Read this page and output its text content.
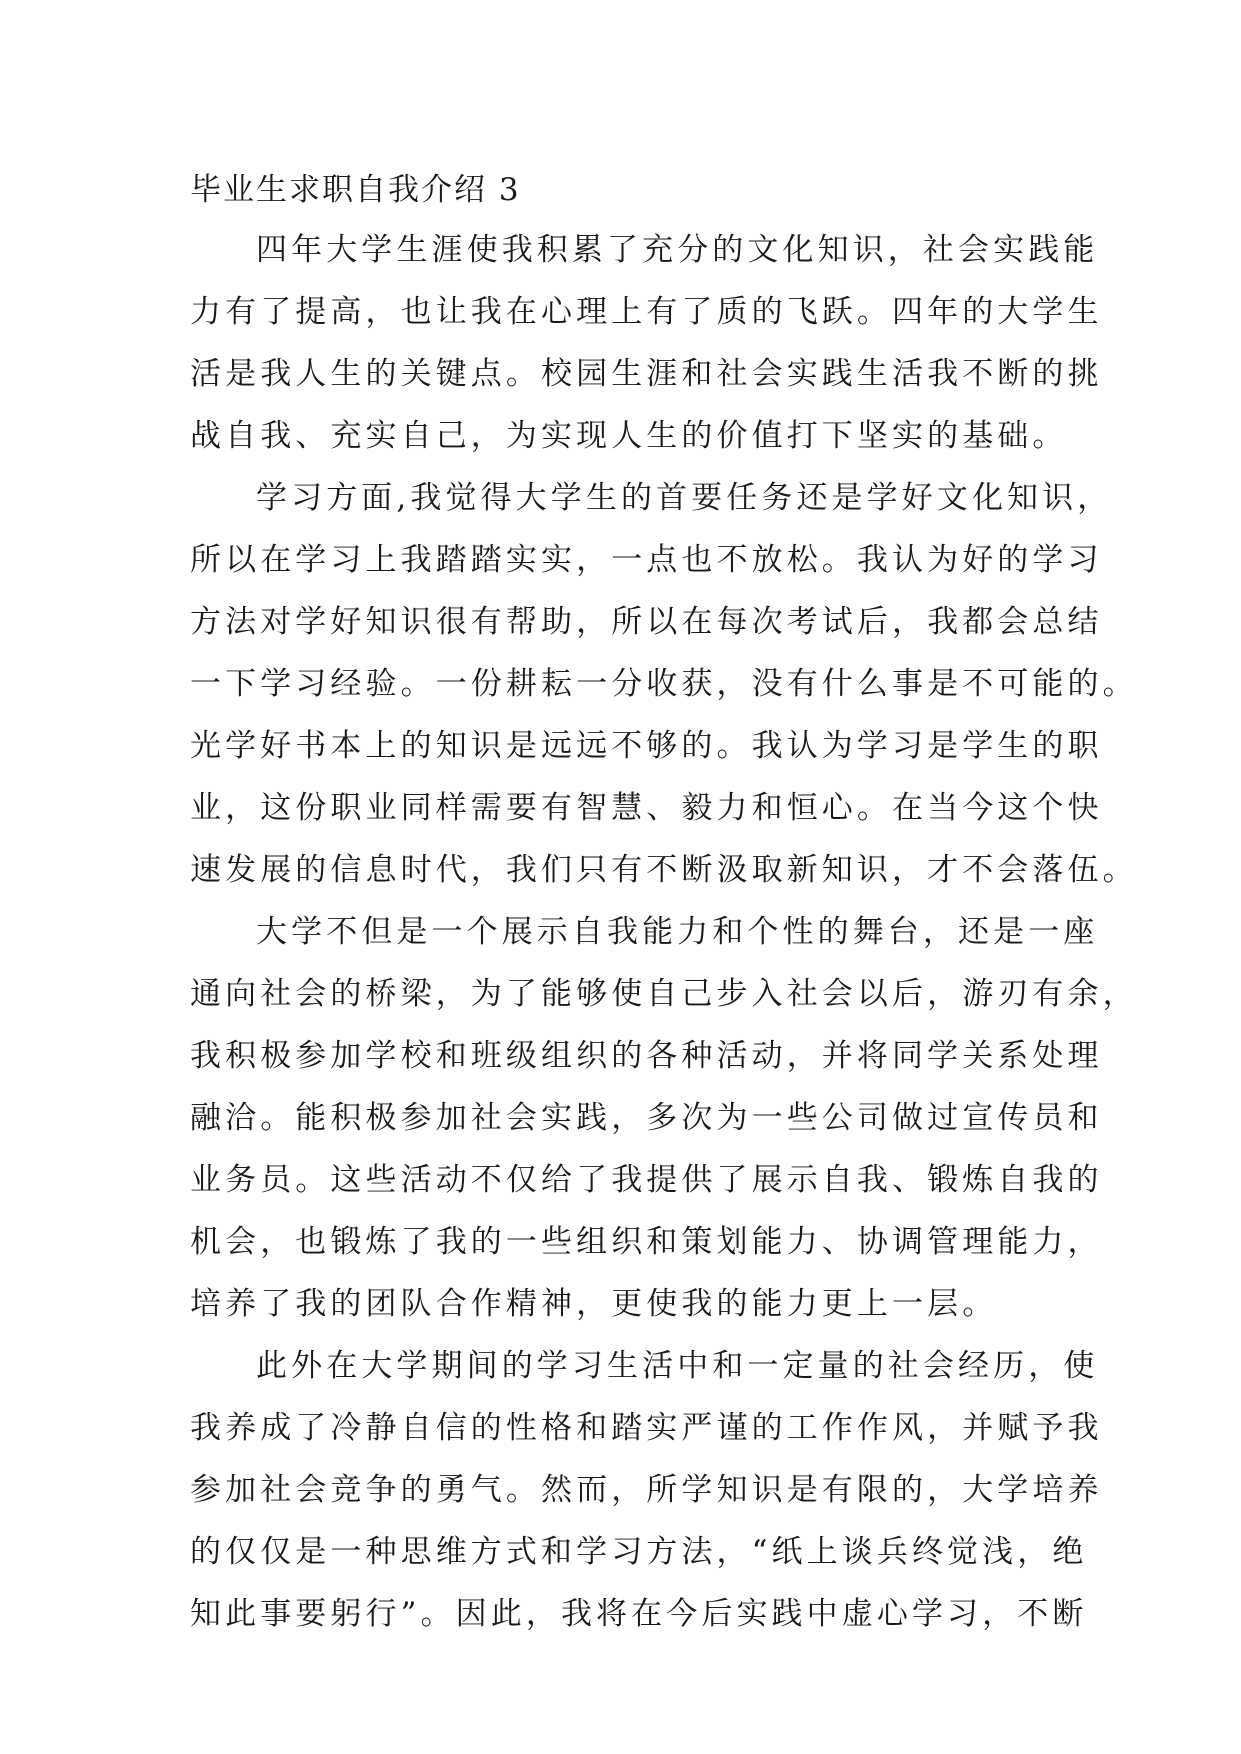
毕业生求职自我介绍 3
四年大学生涯使我积累了充分的文化知识，社会实践能
力有了提高，也让我在心理上有了质的飞跃。四年的大学生
活是我人生的关键点。校园生涯和社会实践生活我不断的挑
战自我、充实自己，为实现人生的价值打下坚实的基础。
学习方面,我觉得大学生的首要任务还是学好文化知识，
所以在学习上我踏踏实实，一点也不放松。我认为好的学习
方法对学好知识很有帮助，所以在每次考试后，我都会总结
一下学习经验。一份耕耘一分收获，没有什么事是不可能的。
光学好书本上的知识是远远不够的。我认为学习是学生的职
业，这份职业同样需要有智慧、毅力和恒心。在当今这个快
速发展的信息时代，我们只有不断汲取新知识，才不会落伍。
大学不但是一个展示自我能力和个性的舞台，还是一座
通向社会的桥梁，为了能够使自己步入社会以后，游刃有余，
我积极参加学校和班级组织的各种活动，并将同学关系处理
融洽。能积极参加社会实践，多次为一些公司做过宣传员和
业务员。这些活动不仅给了我提供了展示自我、锻炼自我的
机会，也锻炼了我的一些组织和策划能力、协调管理能力，
培养了我的团队合作精神，更使我的能力更上一层。
此外在大学期间的学习生活中和一定量的社会经历，使
我养成了冷静自信的性格和踏实严谨的工作作风，并赋予我
参加社会竞争的勇气。然而，所学知识是有限的，大学培养
的仅仅是一种思维方式和学习方法，“纸上谈兵终觉浅，绝
知此事要躬行”。因此，我将在今后实践中虚心学习，不断
